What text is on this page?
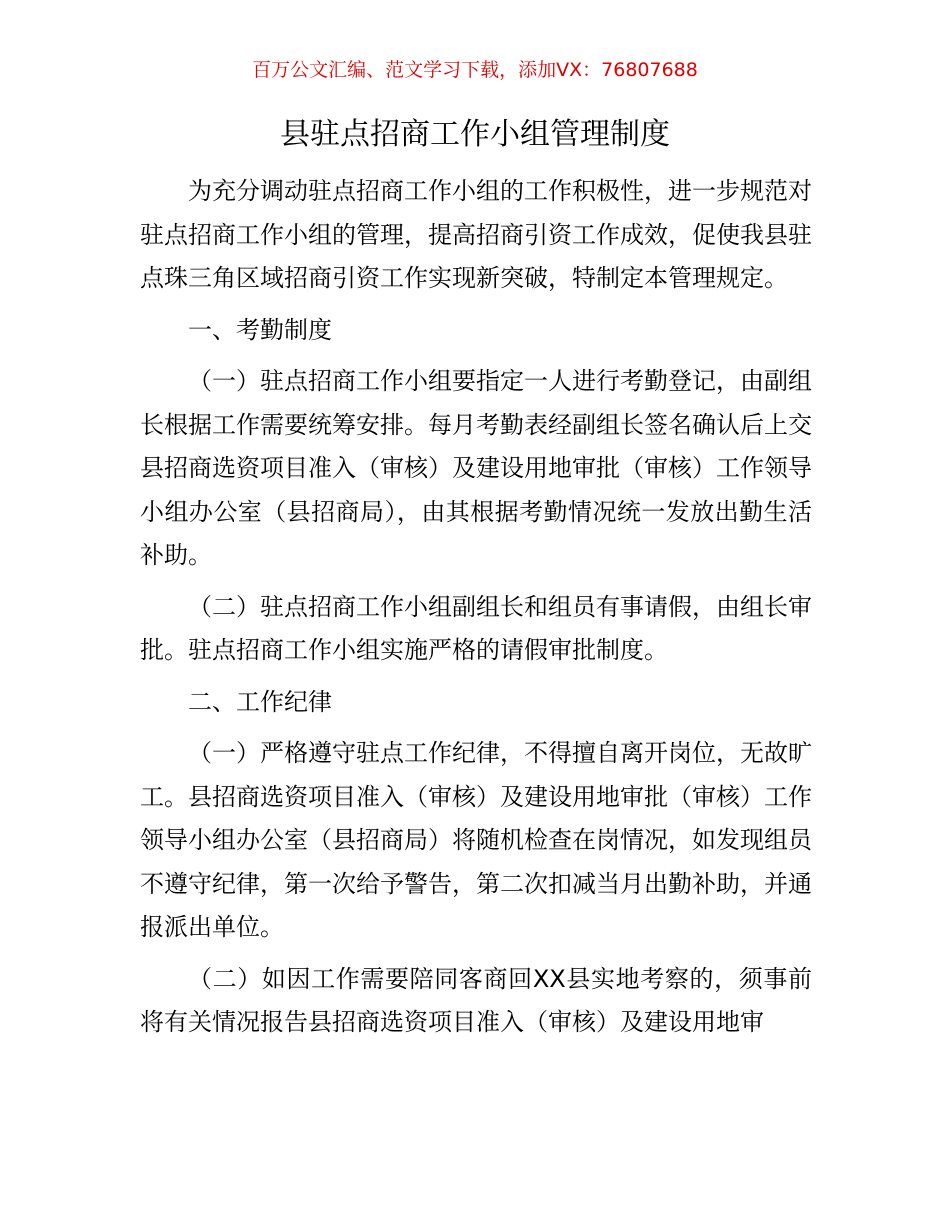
百万公文汇编、范文学习下载，添加VX：76807688
县驻点招商工作小组管理制度

为充分调动驻点招商工作小组的工作积极性，进一步规范对驻点招商工作小组的管理，提高招商引资工作成效，促使我县驻点珠三角区域招商引资工作实现新突破，特制定本管理规定。

一、考勤制度

（一）驻点招商工作小组要指定一人进行考勤登记，由副组长根据工作需要统筹安排。每月考勤表经副组长签名确认后上交县招商选资项目准入（审核）及建设用地审批（审核）工作领导小组办公室（县招商局），由其根据考勤情况统一发放出勤生活补助。

（二）驻点招商工作小组副组长和组员有事请假，由组长审批。驻点招商工作小组实施严格的请假审批制度。

二、工作纪律

（一）严格遵守驻点工作纪律，不得擅自离开岗位，无故旷工。县招商选资项目准入（审核）及建设用地审批（审核）工作领导小组办公室（县招商局）将随机检查在岗情况，如发现组员不遵守纪律，第一次给予警告，第二次扣减当月出勤补助，并通报派出单位。

（二）如因工作需要陪同客商回XX县实地考察的，须事前将有关情况报告县招商选资项目准入（审核）及建设用地审
